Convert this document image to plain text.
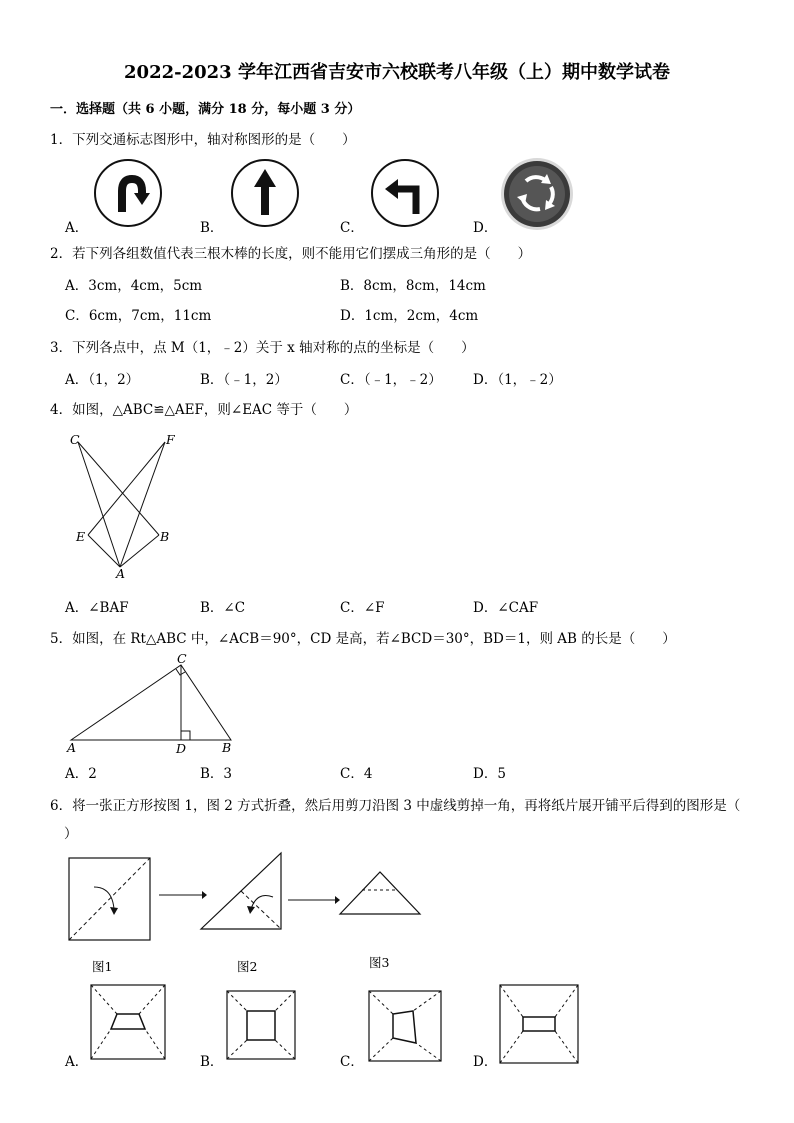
2022-2023 学年江西省吉安市六校联考八年级（上）期中数学试卷
一．选择题（共 6 小题，满分 18 分，每小题 3 分）
1．下列交通标志图形中，轴对称图形的是（　　）
A．	B．	C．	D．
2．若下列各组数值代表三根木棒的长度，则不能用它们摆成三角形的是（　　）
A．3cm，4cm，5cm	B．8cm，8cm，14cm
C．6cm，7cm，11cm	D．1cm，2cm，4cm
3．下列各点中，点 M（1，﹣2）关于 x 轴对称的点的坐标是（　　）
A．（1，2）	B．（﹣1，2）	C．（﹣1，﹣2） D．（1，﹣2）
4．如图，△ABC≌△AEF，则∠EAC 等于（　　）
C	F
E	B
A
A．∠BAF	B．∠C	C．∠F	D．∠CAF
5．如图，在 Rt△ABC 中，∠ACB＝90°，CD 是高，若∠BCD＝30°，BD＝1，则 AB 的长是（　　）
C
A	D	B
A．2	B．3	C．4	D．5
6．将一张正方形按图 1，图 2 方式折叠，然后用剪刀沿图 3 中虚线剪掉一角，再将纸片展开铺平后得到的图形是（
）
图1	图2	图3
A．	B．	C．	D．
